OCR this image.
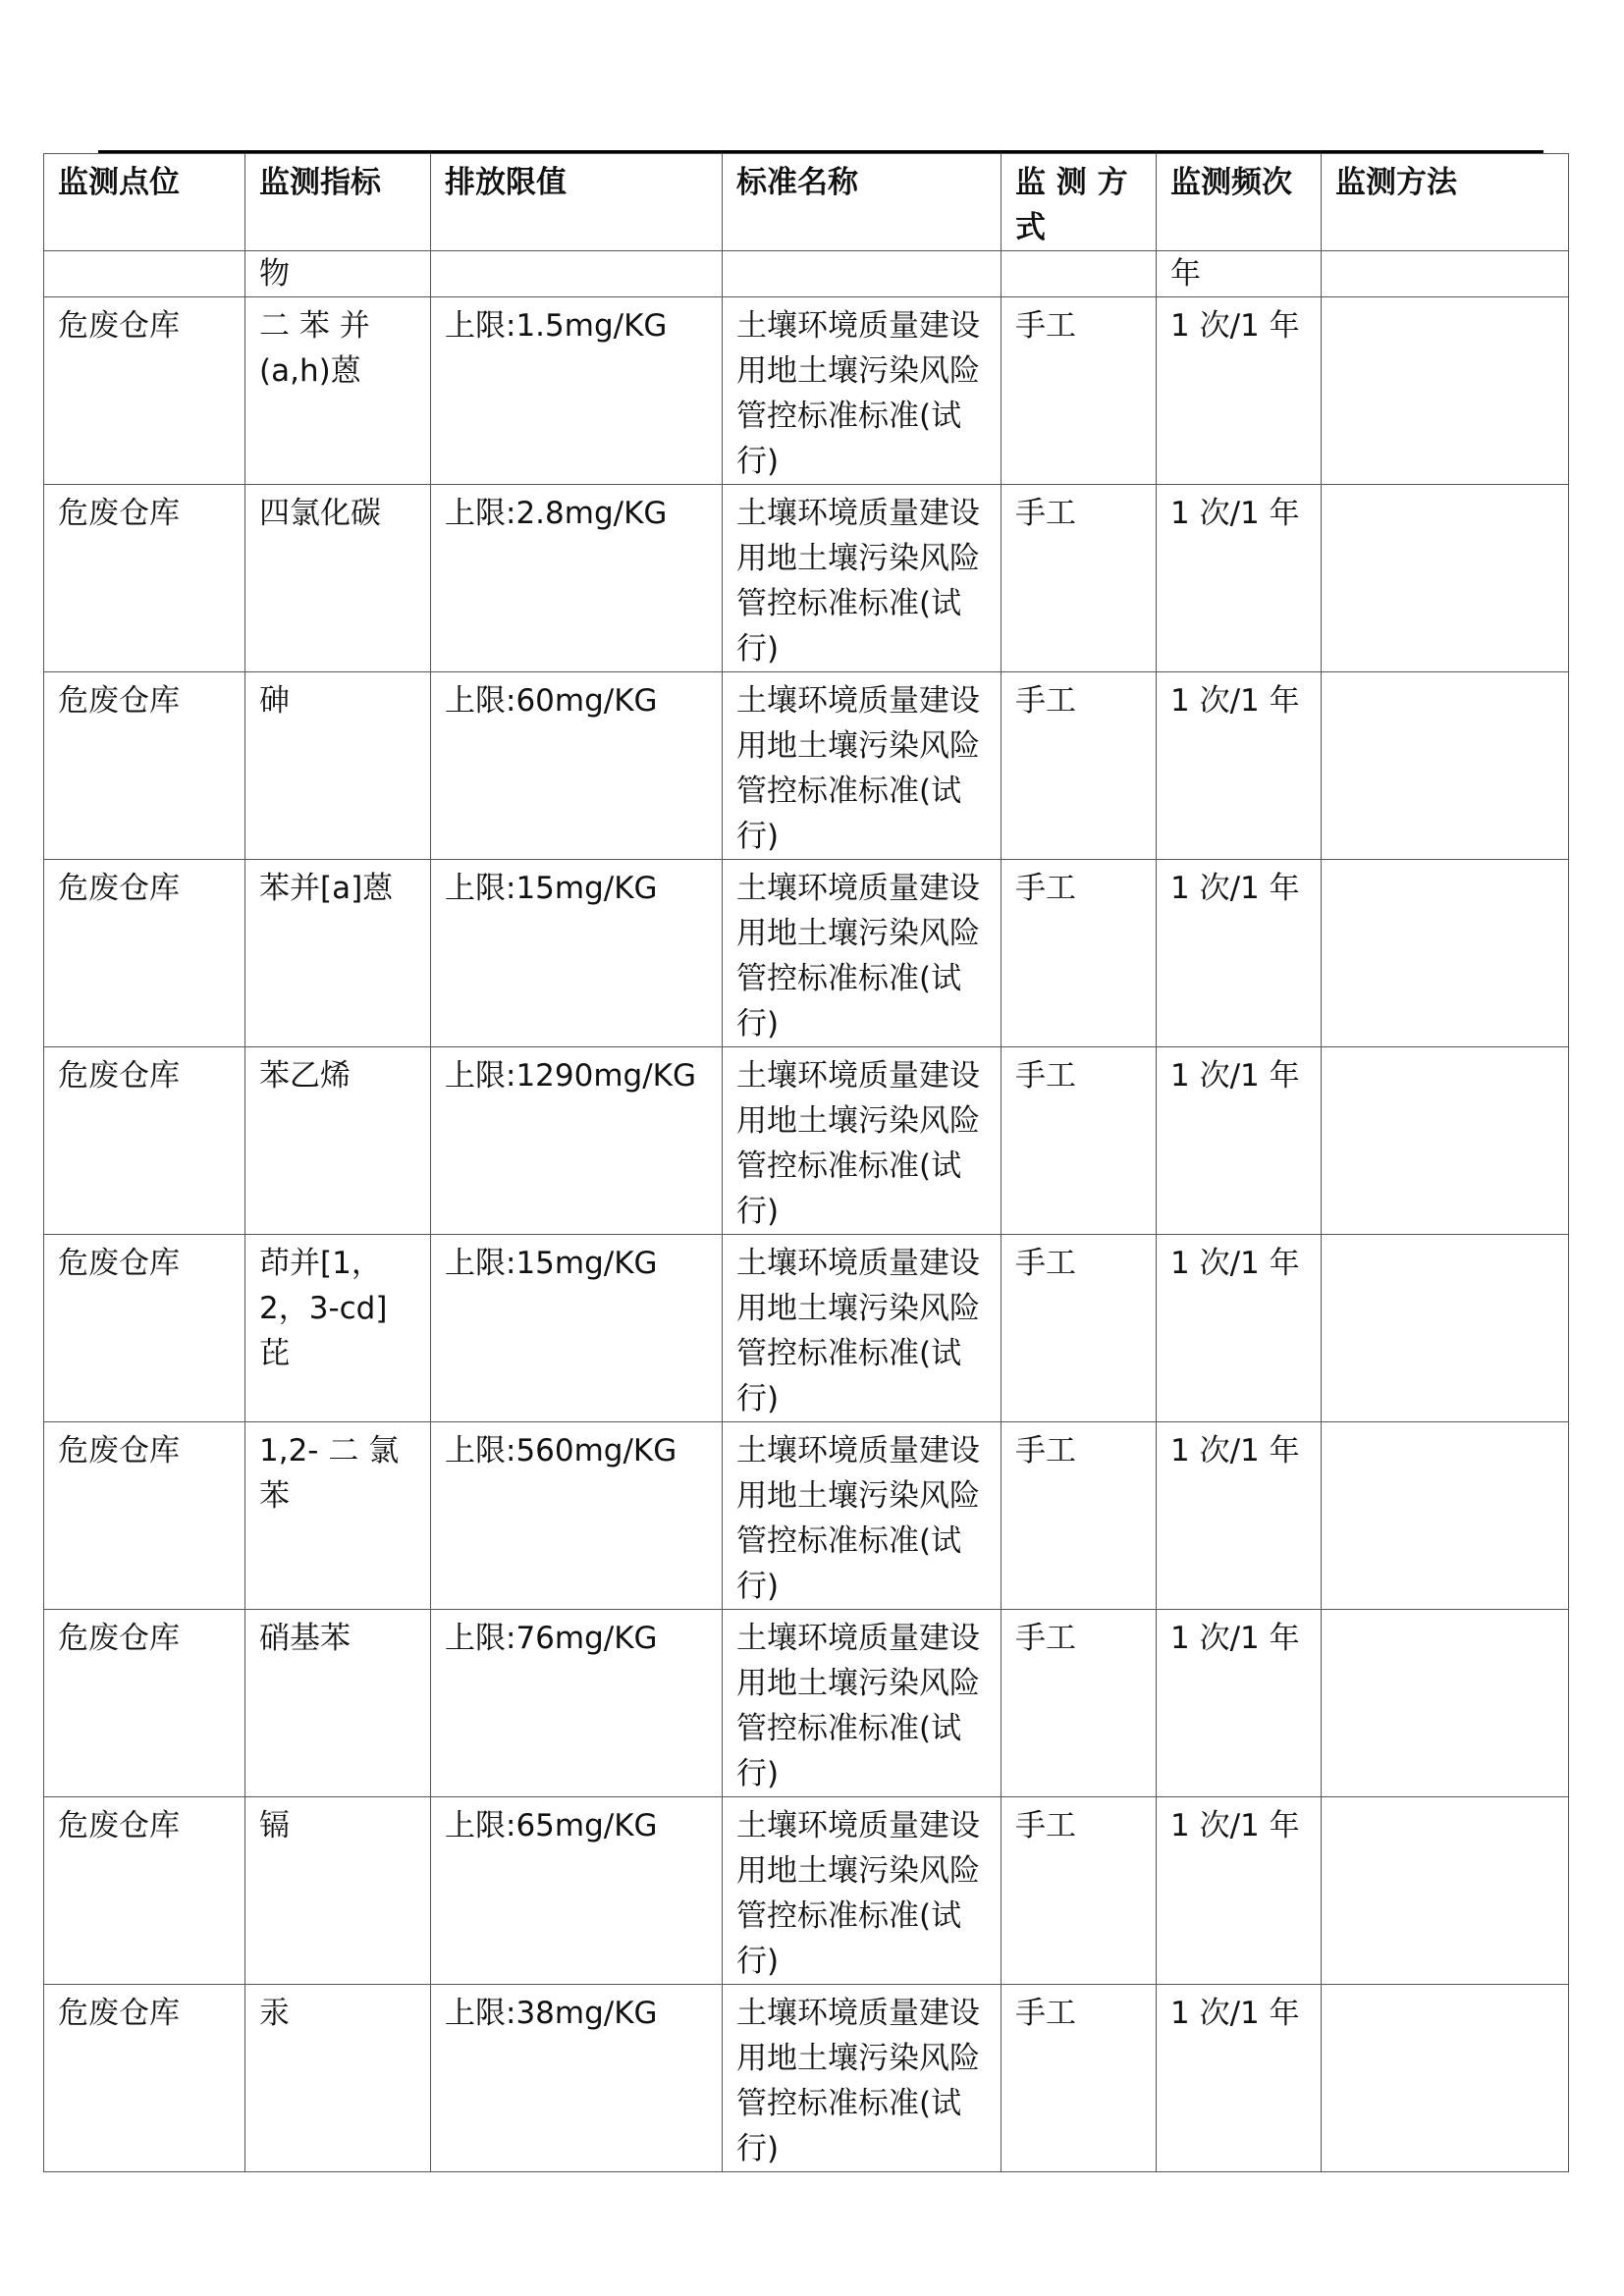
监测点位	监测指标	排放限值	标准名称	监 测 方 式	监测频次	监测方法
	物				年	
危废仓库	二 苯 并 (a,h)蒽	上限:1.5mg/KG	土壤环境质量建设用地土壤污染风险管控标准标准(试行)	手工	1 次/1 年	
危废仓库	四氯化碳	上限:2.8mg/KG	土壤环境质量建设用地土壤污染风险管控标准标准(试行)	手工	1 次/1 年	
危废仓库	砷	上限:60mg/KG	土壤环境质量建设用地土壤污染风险管控标准标准(试行)	手工	1 次/1 年	
危废仓库	苯并[a]蒽	上限:15mg/KG	土壤环境质量建设用地土壤污染风险管控标准标准(试行)	手工	1 次/1 年	
危废仓库	苯乙烯	上限:1290mg/KG	土壤环境质量建设用地土壤污染风险管控标准标准(试行)	手工	1 次/1 年	
危废仓库	茚并[1，2，3-cd]芘	上限:15mg/KG	土壤环境质量建设用地土壤污染风险管控标准标准(试行)	手工	1 次/1 年	
危废仓库	1,2- 二 氯 苯	上限:560mg/KG	土壤环境质量建设用地土壤污染风险管控标准标准(试行)	手工	1 次/1 年	
危废仓库	硝基苯	上限:76mg/KG	土壤环境质量建设用地土壤污染风险管控标准标准(试行)	手工	1 次/1 年	
危废仓库	镉	上限:65mg/KG	土壤环境质量建设用地土壤污染风险管控标准标准(试行)	手工	1 次/1 年	
危废仓库	汞	上限:38mg/KG	土壤环境质量建设用地土壤污染风险管控标准标准(试行)	手工	1 次/1 年	
